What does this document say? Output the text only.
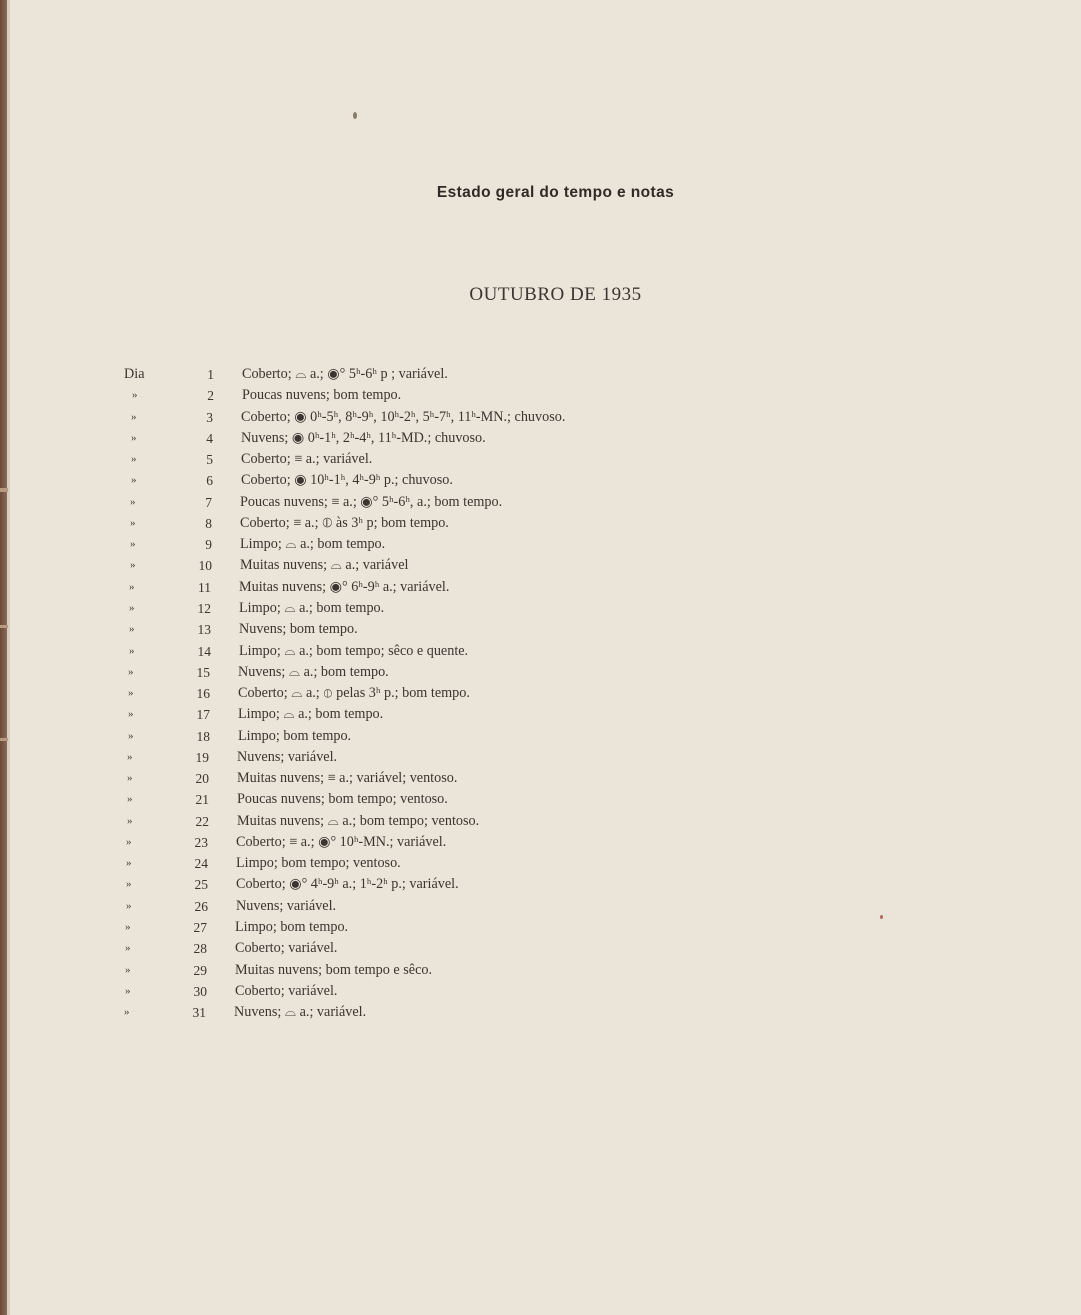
Estado geral do tempo e notas
OUTUBRO DE 1935
Dia	1 Coberto; ⌓ a.; ◉° 5ʰ-6ʰ p ; variável.
»	2 Poucas nuvens; bom tempo.
»	3 Coberto; ◉ 0ʰ-5ʰ, 8ʰ-9ʰ, 10ʰ-2ʰ, 5ʰ-7ʰ, 11ʰ-MN.; chuvoso.
»	4 Nuvens; ◉ 0ʰ-1ʰ, 2ʰ-4ʰ, 11ʰ-MD.; chuvoso.
»	5 Coberto; ≡ a.; variável.
»	6 Coberto; ◉ 10ʰ-1ʰ, 4ʰ-9ʰ p.; chuvoso.
»	7 Poucas nuvens; ≡ a.; ◉° 5ʰ-6ʰ, a.; bom tempo.
»	8 Coberto; ≡ a.; ⦶ às 3ʰ p; bom tempo.
»	9 Limpo; ⌓ a.; bom tempo.
»	10 Muitas nuvens; ⌓ a.; variável
»	11 Muitas nuvens; ◉° 6ʰ-9ʰ a.; variável.
»	12 Limpo; ⌓ a.; bom tempo.
»	13 Nuvens; bom tempo.
»	14 Limpo; ⌓ a.; bom tempo; sêco e quente.
»	15 Nuvens; ⌓ a.; bom tempo.
»	16 Coberto; ⌓ a.; ⦶ pelas 3ʰ p.; bom tempo.
»	17 Limpo; ⌓ a.; bom tempo.
»	18 Limpo; bom tempo.
»	19 Nuvens; variável.
»	20 Muitas nuvens; ≡ a.; variável; ventoso.
»	21 Poucas nuvens; bom tempo; ventoso.
»	22 Muitas nuvens; ⌓ a.; bom tempo; ventoso.
»	23 Coberto; ≡ a.; ◉° 10ʰ-MN.; variável.
»	24 Limpo; bom tempo; ventoso.
»	25 Coberto; ◉° 4ʰ-9ʰ a.; 1ʰ-2ʰ p.; variável.
»	26 Nuvens; variável.
»	27 Limpo; bom tempo.
»	28 Coberto; variável.
»	29 Muitas nuvens; bom tempo e sêco.
»	30 Coberto; variável.
»	31 Nuvens; ⌓ a.; variável.
